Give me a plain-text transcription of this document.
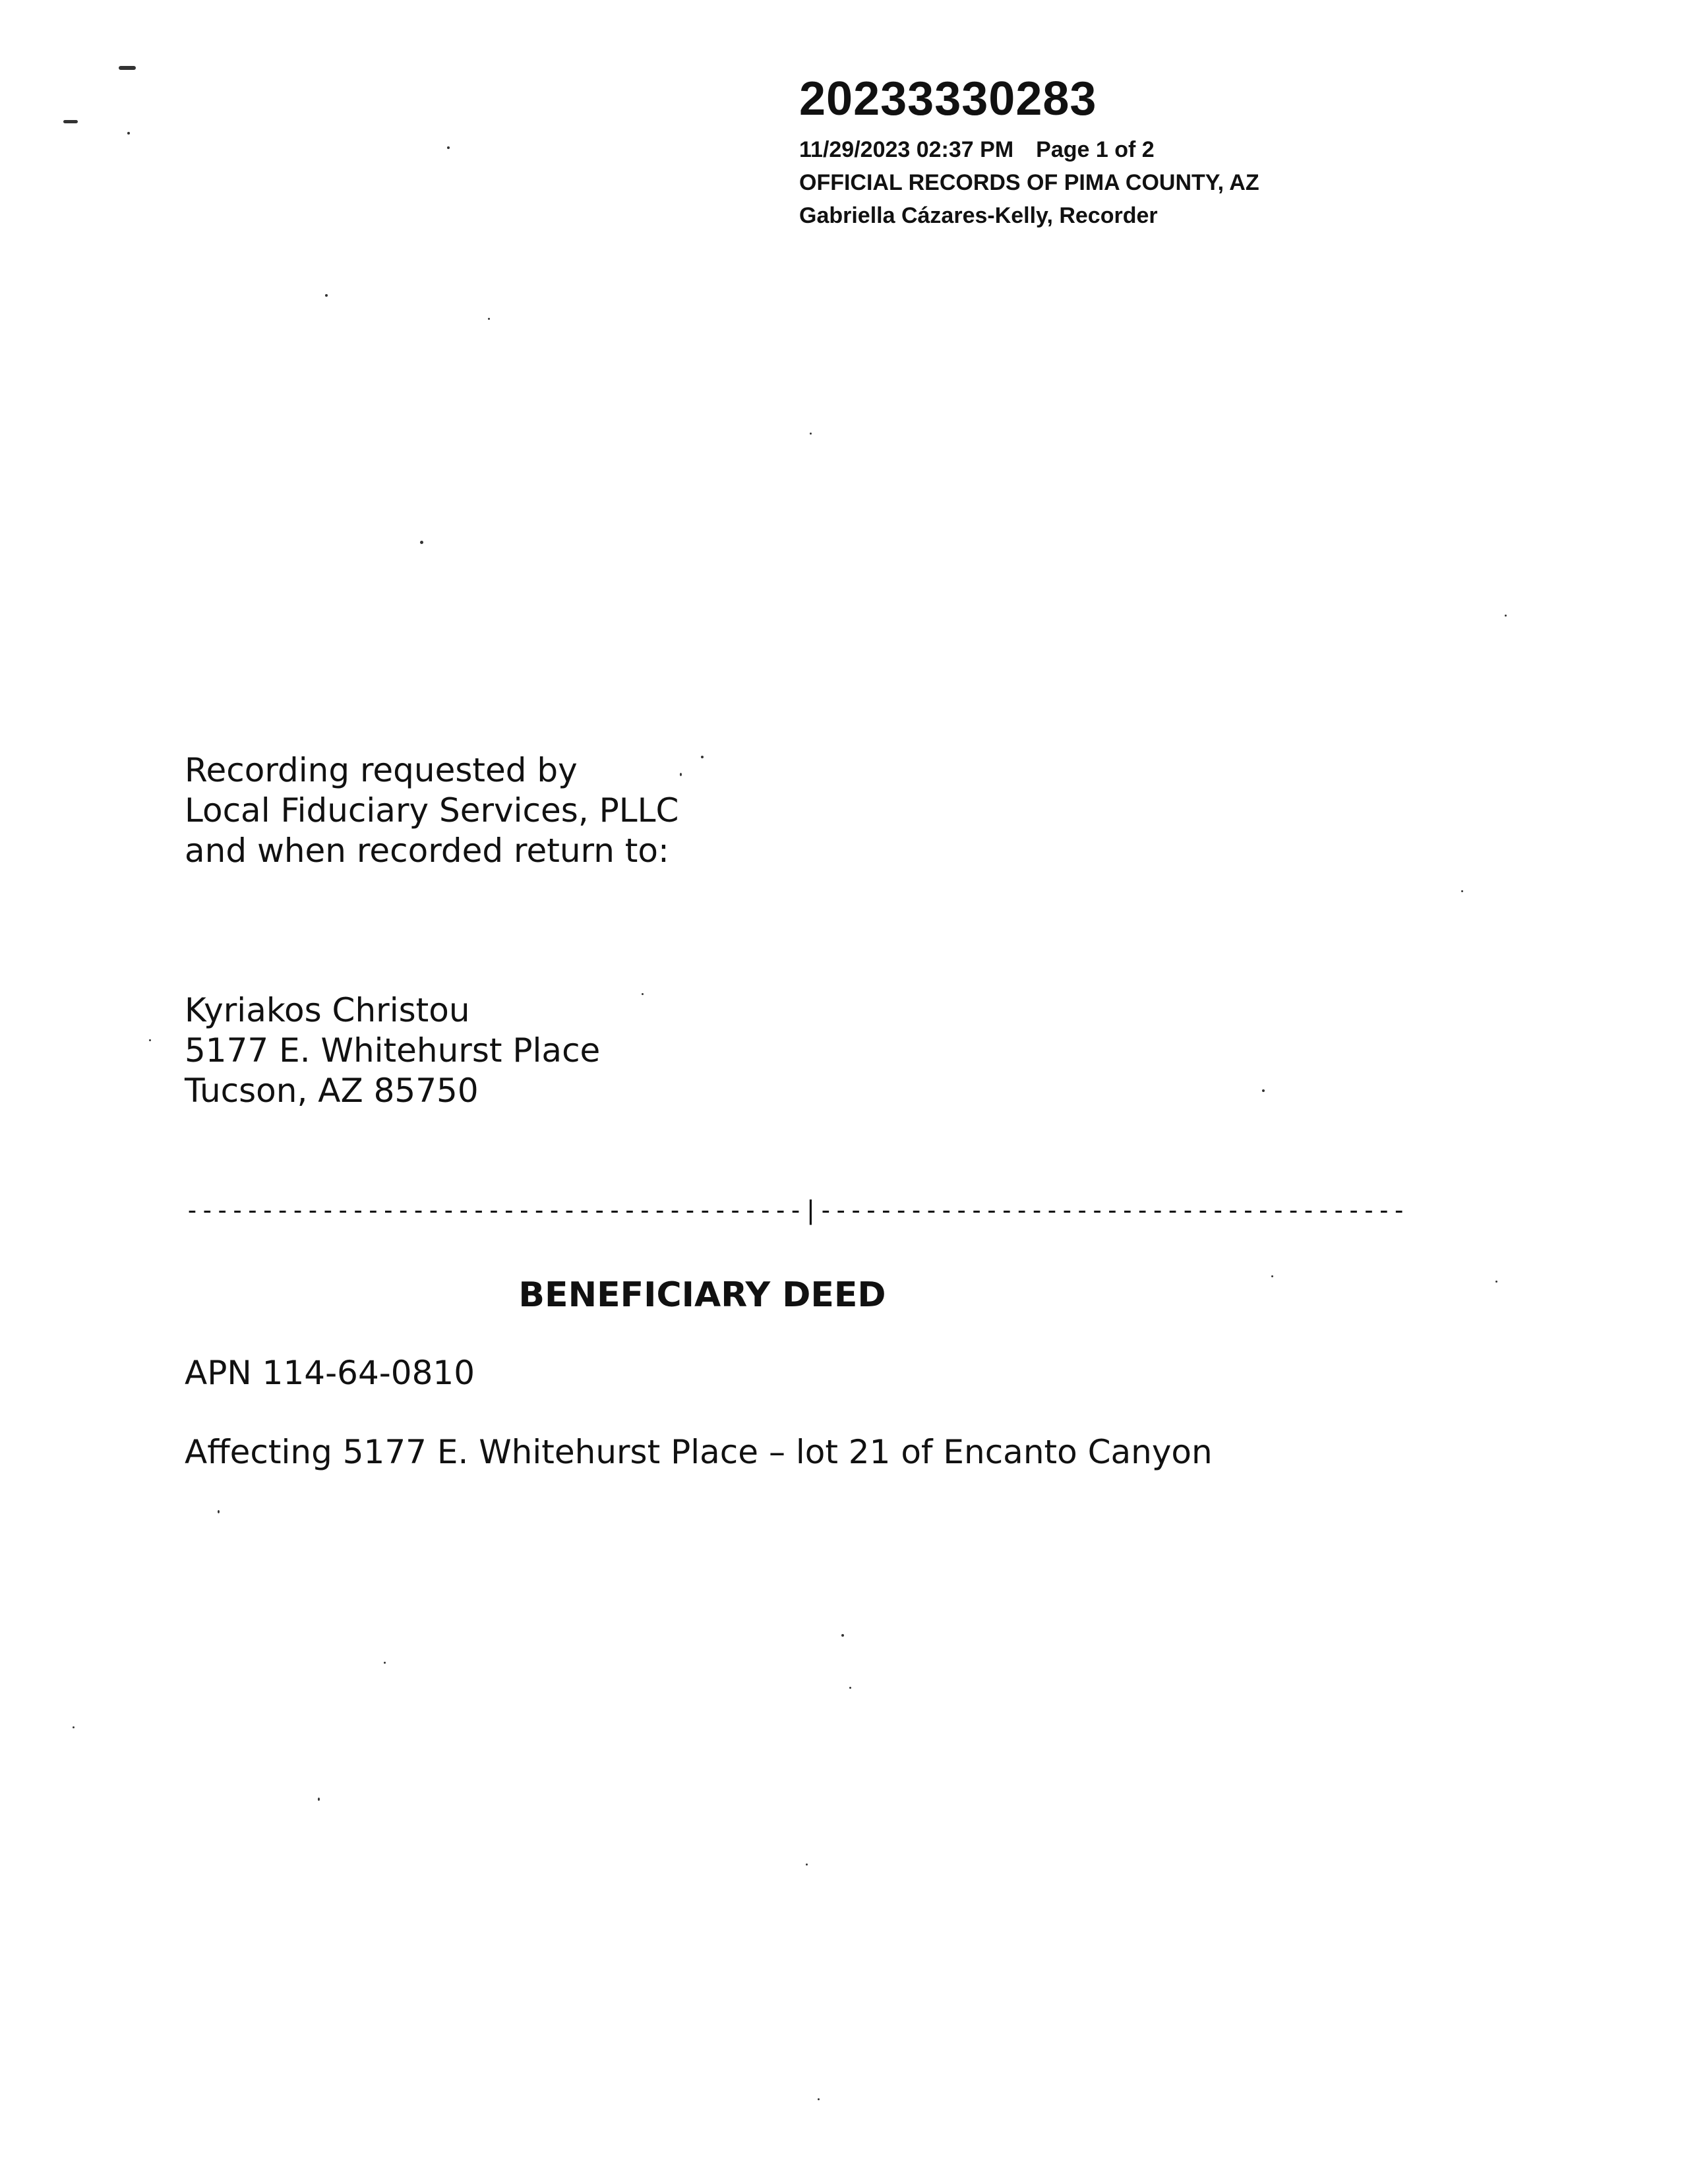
20233330283
11/29/2023 02:37 PM Page 1 of 2
OFFICIAL RECORDS OF PIMA COUNTY, AZ
Gabriella Cázares-Kelly, Recorder
Recording requested by
Local Fiduciary Services, PLLC
and when recorded return to:
Kyriakos Christou
5177 E. Whitehurst Place
Tucson, AZ 85750
-----------------------------------------|---------------------------------------
BENEFICIARY DEED
APN 114-64-0810
Affecting 5177 E. Whitehurst Place – lot 21 of Encanto Canyon
